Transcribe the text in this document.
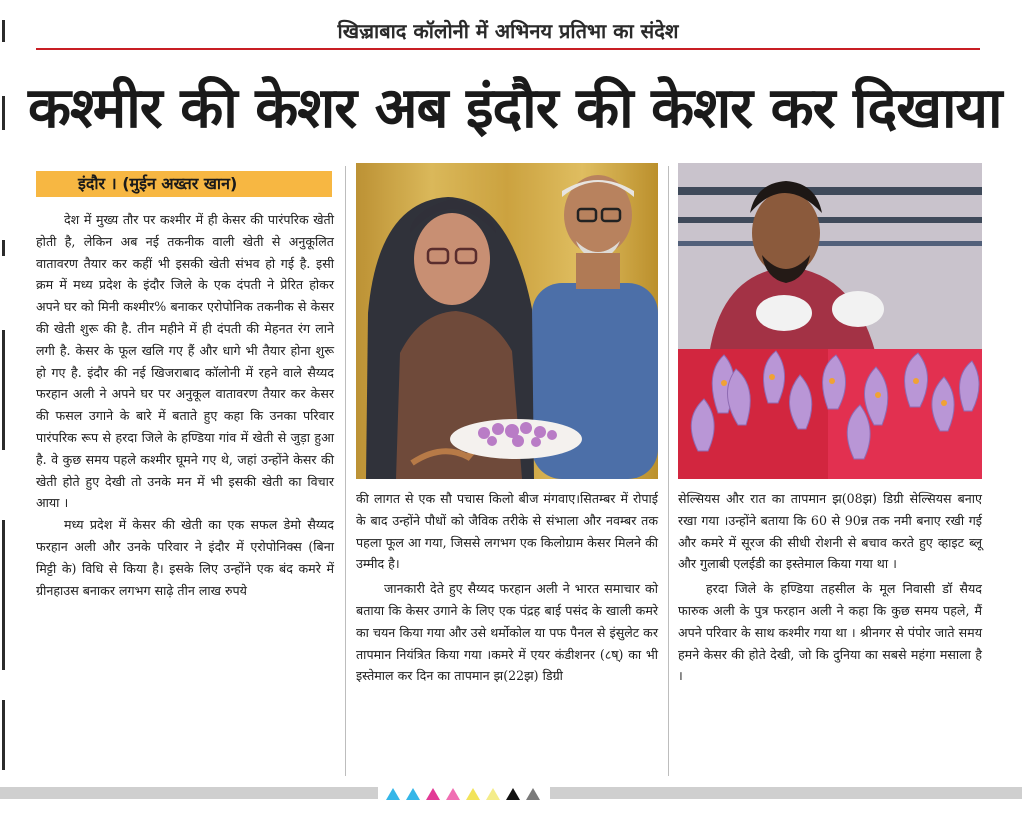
खिज़्राबाद कॉलोनी में अभिनय प्रतिभा का संदेश
कश्मीर की केशर अब इंदौर की केशर कर दिखाया
इंदौर । (मुईन अख्तर खान)

देश में मुख्य तौर पर कश्मीर में ही केसर की पारंपरिक खेती होती है, लेकिन अब नई तकनीक वाली खेती से अनुकूलित वातावरण तैयार कर कहीं भी इसकी खेती संभव हो गई है. इसी क्रम में मध्य प्रदेश के इंदौर जिले के एक दंपती ने प्रेरित होकर अपने घर को मिनी कश्मीर% बनाकर एरोपोनिक तकनीक से केसर की खेती शुरू की है. तीन महीने में ही दंपती की मेहनत रंग लाने लगी है. केसर के फूल खलि गए हैं और धागे भी तैयार होना शुरू हो गए है. इंदौर की नई खिजराबाद कॉलोनी में रहने वाले सैय्यद फरहान अली ने अपने घर पर अनुकूल वातावरण तैयार कर केसर की फसल उगाने के बारे में बताते हुए कहा कि उनका परिवार पारंपरिक रूप से हरदा जिले के हण्डिया गांव में खेती से जुड़ा हुआ है. वे कुछ समय पहले कश्मीर घूमने गए थे, जहां उन्होंने केसर की खेती होते हुए देखी तो उनके मन में भी इसकी खेती का विचार आया ।

मध्य प्रदेश में केसर की खेती का एक सफल डेमो सैय्यद फरहान अली और उनके परिवार ने इंदौर में एरोपोनिक्स (बिना मिट्टी के) विधि से किया है। इसके लिए उन्होंने एक बंद कमरे में ग्रीनहाउस बनाकर लगभग साढ़े तीन लाख रुपये

की लागत से एक सौ पचास किलो बीज मंगवाए।सितम्बर में रोपाई के बाद उन्होंने पौधों को जैविक तरीके से संभाला और नवम्बर तक पहला फूल आ गया, जिससे लगभग एक किलोग्राम केसर मिलने की उम्मीद है।

जानकारी देते हुए सैय्यद फरहान अली ने भारत समाचार को बताया कि केसर उगाने के लिए एक पंद्रह बाई पसंद के खाली कमरे का चयन किया गया और उसे थर्मोकोल या पफ पैनल से इंसुलेट कर तापमान नियंत्रित किया गया ।कमरे में एयर कंडीशनर (८ष्) का भी इस्तेमाल कर दिन का तापमान झ(22झ) डिग्री

सेल्सियस और रात का तापमान झ(08झ) डिग्री सेल्सियस बनाए रखा गया ।उन्होंने बताया कि 60 से 90न्न तक नमी बनाए रखी गई और कमरे में सूरज की सीधी रोशनी से बचाव करते हुए व्हाइट ब्लू और गुलाबी एलईडी का इस्तेमाल किया गया था ।

हरदा जिले के हण्डिया तहसील के मूल निवासी डॉ सैयद फारुक अली के पुत्र फरहान अली ने कहा कि कुछ समय पहले, मैं अपने परिवार के साथ कश्मीर गया था । श्रीनगर से पंपोर जाते समय हमने केसर की होते देखी, जो कि दुनिया का सबसे महंगा मसाला है ।
